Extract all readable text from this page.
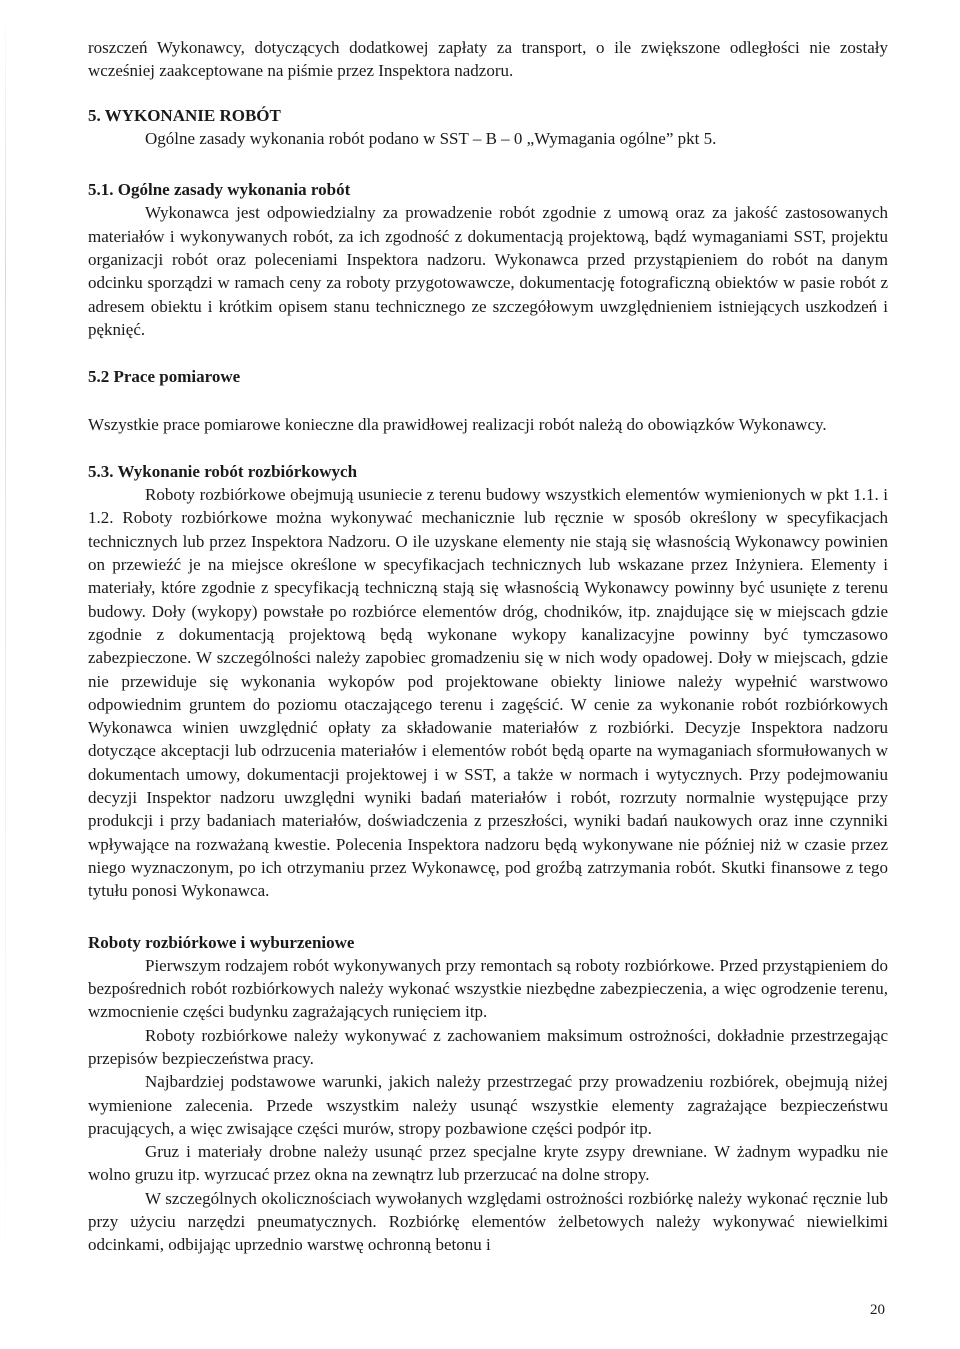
roszczeń Wykonawcy, dotyczących dodatkowej zapłaty za transport, o ile zwiększone odległości nie zostały wcześniej zaakceptowane na piśmie przez Inspektora nadzoru.

5. WYKONANIE ROBÓT

Ogólne zasady wykonania robót podano w SST – B – 0 „Wymagania ogólne” pkt 5.

5.1. Ogólne zasady wykonania robót

Wykonawca jest odpowiedzialny za prowadzenie robót zgodnie z umową oraz za jakość zastosowanych materiałów i wykonywanych robót, za ich zgodność z dokumentacją projektową, bądź wymaganiami SST, projektu organizacji robót oraz poleceniami Inspektora nadzoru. Wykonawca przed przystąpieniem do robót na danym odcinku sporządzi w ramach ceny za roboty przygotowawcze, dokumentację fotograficzną obiektów w pasie robót z adresem obiektu i krótkim opisem stanu technicznego ze szczegółowym uwzględnieniem istniejących uszkodzeń i pęknięć.

5.2 Prace pomiarowe

Wszystkie prace pomiarowe konieczne dla prawidłowej realizacji robót należą do obowiązków Wykonawcy.

5.3. Wykonanie robót rozbiórkowych

Roboty rozbiórkowe obejmują usuniecie z terenu budowy wszystkich elementów wymienionych w pkt 1.1. i 1.2. Roboty rozbiórkowe można wykonywać mechanicznie lub ręcznie w sposób określony w specyfikacjach technicznych lub przez Inspektora Nadzoru. O ile uzyskane elementy nie stają się własnością Wykonawcy powinien on przewieźć je na miejsce określone w specyfikacjach technicznych lub wskazane przez Inżyniera. Elementy i materiały, które zgodnie z specyfikacją techniczną stają się własnością Wykonawcy powinny być usunięte z terenu budowy. Doły (wykopy) powstałe po rozbiórce elementów dróg, chodników, itp. znajdujące się w miejscach gdzie zgodnie z dokumentacją projektową będą wykonane wykopy kanalizacyjne powinny być tymczasowo zabezpieczone. W szczególności należy zapobiec gromadzeniu się w nich wody opadowej. Doły w miejscach, gdzie nie przewiduje się wykonania wykopów pod projektowane obiekty liniowe należy wypełnić warstwowo odpowiednim gruntem do poziomu otaczającego terenu i zagęścić. W cenie za wykonanie robót rozbiórkowych Wykonawca winien uwzględnić opłaty za składowanie materiałów z rozbiórki. Decyzje Inspektora nadzoru dotyczące akceptacji lub odrzucenia materiałów i elementów robót będą oparte na wymaganiach sformułowanych w dokumentach umowy, dokumentacji projektowej i w SST, a także w normach i wytycznych. Przy podejmowaniu decyzji Inspektor nadzoru uwzględni wyniki badań materiałów i robót, rozrzuty normalnie występujące przy produkcji i przy badaniach materiałów, doświadczenia z przeszłości, wyniki badań naukowych oraz inne czynniki wpływające na rozważaną kwestie. Polecenia Inspektora nadzoru będą wykonywane nie później niż w czasie przez niego wyznaczonym, po ich otrzymaniu przez Wykonawcę, pod groźbą zatrzymania robót. Skutki finansowe z tego tytułu ponosi Wykonawca.

Roboty rozbiórkowe i wyburzeniowe

Pierwszym rodzajem robót wykonywanych przy remontach są roboty rozbiórkowe. Przed przystąpieniem do bezpośrednich robót rozbiórkowych należy wykonać wszystkie niezbędne zabezpieczenia, a więc ogrodzenie terenu, wzmocnienie części budynku zagrażających runięciem itp.

Roboty rozbiórkowe należy wykonywać z zachowaniem maksimum ostrożności, dokładnie przestrzegając przepisów bezpieczeństwa pracy.

Najbardziej podstawowe warunki, jakich należy przestrzegać przy prowadzeniu rozbiórek, obejmują niżej wymienione zalecenia. Przede wszystkim należy usunąć wszystkie elementy zagrażające bezpieczeństwu pracujących, a więc zwisające części murów, stropy pozbawione części podpór itp.

Gruz i materiały drobne należy usunąć przez specjalne kryte zsypy drewniane. W żadnym wypadku nie wolno gruzu itp. wyrzucać przez okna na zewnątrz lub przerzucać na dolne stropy.

W szczególnych okolicznościach wywołanych względami ostrożności rozbiórkę należy wykonać ręcznie lub przy użyciu narzędzi pneumatycznych. Rozbiórkę elementów żelbetowych należy wykonywać niewielkimi odcinkami, odbijając uprzednio warstwę ochronną betonu i

20
